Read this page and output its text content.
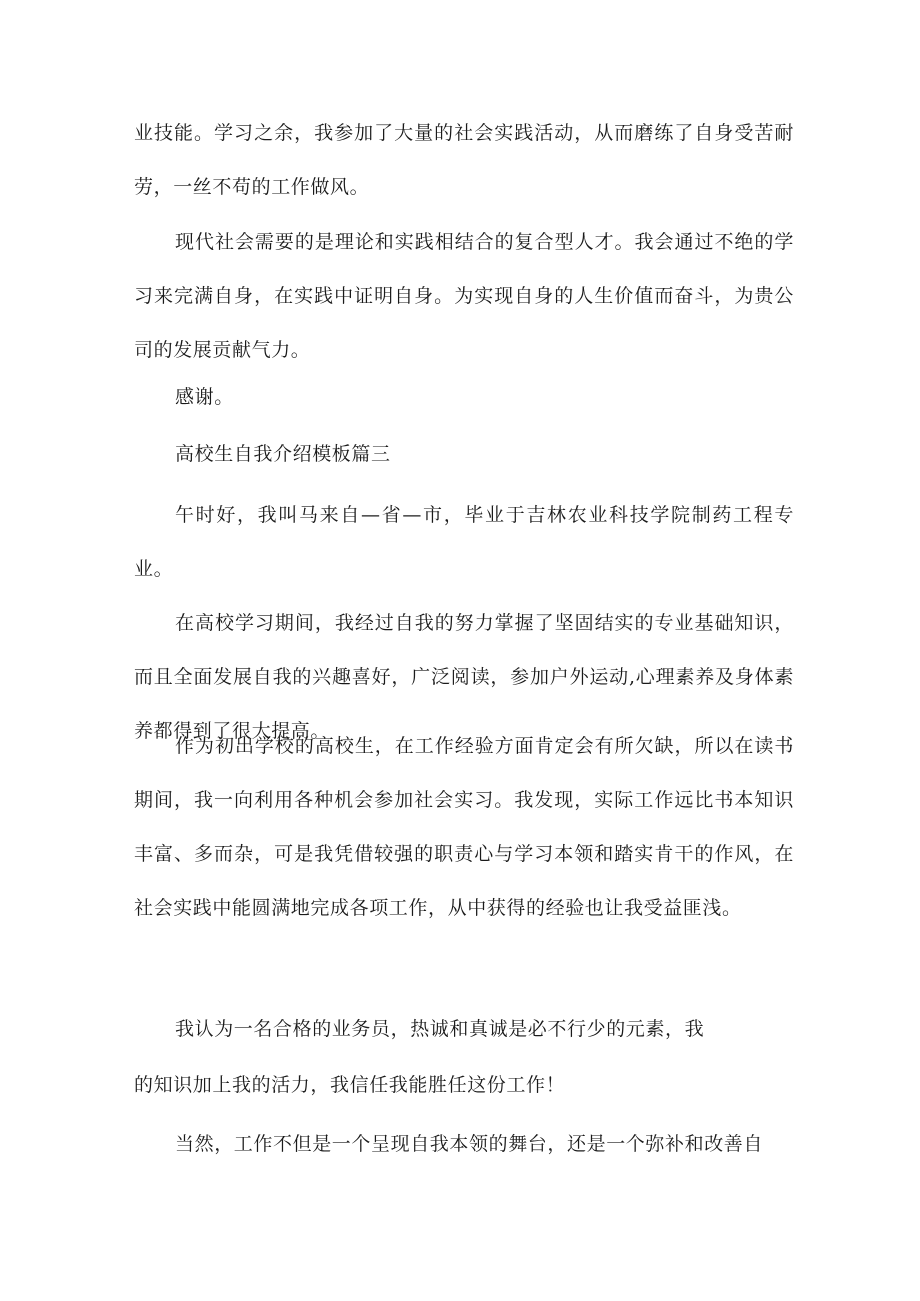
业技能。学习之余，我参加了大量的社会实践活动，从而磨练了自身受苦耐劳，一丝不苟的工作做风。

现代社会需要的是理论和实践相结合的复合型人才。我会通过不绝的学习来完满自身，在实践中证明自身。为实现自身的人生价值而奋斗，为贵公司的发展贡献气力。

感谢。

高校生自我介绍模板篇三

午时好，我叫马来自—省—市，毕业于吉林农业科技学院制药工程专业。

在高校学习期间，我经过自我的努力掌握了坚固结实的专业基础知识，而且全面发展自我的兴趣喜好，广泛阅读，参加户外运动,心理素养及身体素养都得到了很大提高。

作为初出学校的高校生，在工作经验方面肯定会有所欠缺，所以在读书期间，我一向利用各种机会参加社会实习。我发现，实际工作远比书本知识丰富、多而杂，可是我凭借较强的职责心与学习本领和踏实肯干的作风，在社会实践中能圆满地完成各项工作，从中获得的经验也让我受益匪浅。

我认为一名合格的业务员，热诚和真诚是必不行少的元素，我

的知识加上我的活力，我信任我能胜任这份工作！

当然，工作不但是一个呈现自我本领的舞台，还是一个弥补和改善自
